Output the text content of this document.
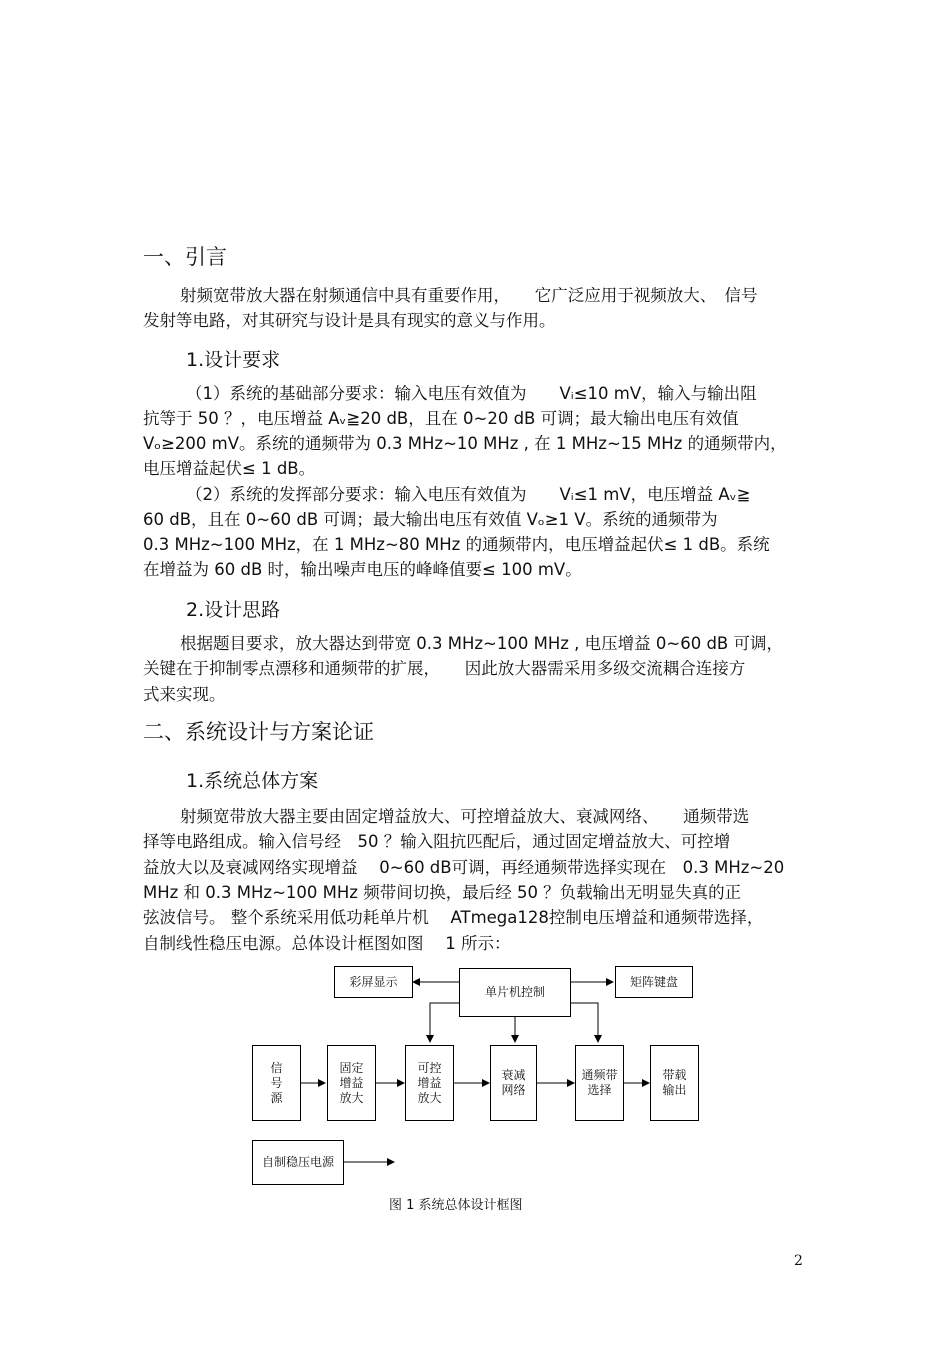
一、引言
射频宽带放大器在射频通信中具有重要作用，　　它广泛应用于视频放大、　信号
发射等电路，对其研究与设计是具有现实的意义与作用。
1.设计要求
（1）系统的基础部分要求：输入电压有效值为　　Vᵢ≤10 mV，输入与输出阻
抗等于 50 ？，电压增益 Aᵥ≧20 dB，且在 0~20 dB 可调；最大输出电压有效值
Vₒ≥200 mV。系统的通频带为 0.3 MHz~10 MHz , 在 1 MHz~15 MHz 的通频带内，
电压增益起伏≤ 1 dB。
（2）系统的发挥部分要求：输入电压有效值为　　Vᵢ≤1 mV，电压增益 Aᵥ≧
60 dB，且在 0~60 dB 可调；最大输出电压有效值 Vₒ≥1 V。系统的通频带为
0.3 MHz~100 MHz，在 1 MHz~80 MHz 的通频带内，电压增益起伏≤ 1 dB。系统
在增益为 60 dB 时，输出噪声电压的峰峰值要≤ 100 mV。
2.设计思路
根据题目要求，放大器达到带宽 0.3 MHz~100 MHz , 电压增益 0~60 dB 可调，
关键在于抑制零点漂移和通频带的扩展，　　因此放大器需采用多级交流耦合连接方
式来实现。
二、系统设计与方案论证
1.系统总体方案
射频宽带放大器主要由固定增益放大、可控增益放大、衰减网络、　　通频带选
择等电路组成。输入信号经　50 ？输入阻抗匹配后，通过固定增益放大、可控增
益放大以及衰减网络实现增益　 0~60 dB可调，再经通频带选择实现在　0.3 MHz~20
MHz 和 0.3 MHz~100 MHz 频带间切换，最后经 50 ？负载输出无明显失真的正
弦波信号。 整个系统采用低功耗单片机　 ATmega128控制电压增益和通频带选择，
自制线性稳压电源。总体设计框图如图　 1 所示：
彩屏显示
单片机控制
矩阵键盘
信
号
源
固定
增益
放大
可控
增益
放大
衰减
网络
通频带
选择
带载
输出
自制稳压电源
图 1 系统总体设计框图
2
